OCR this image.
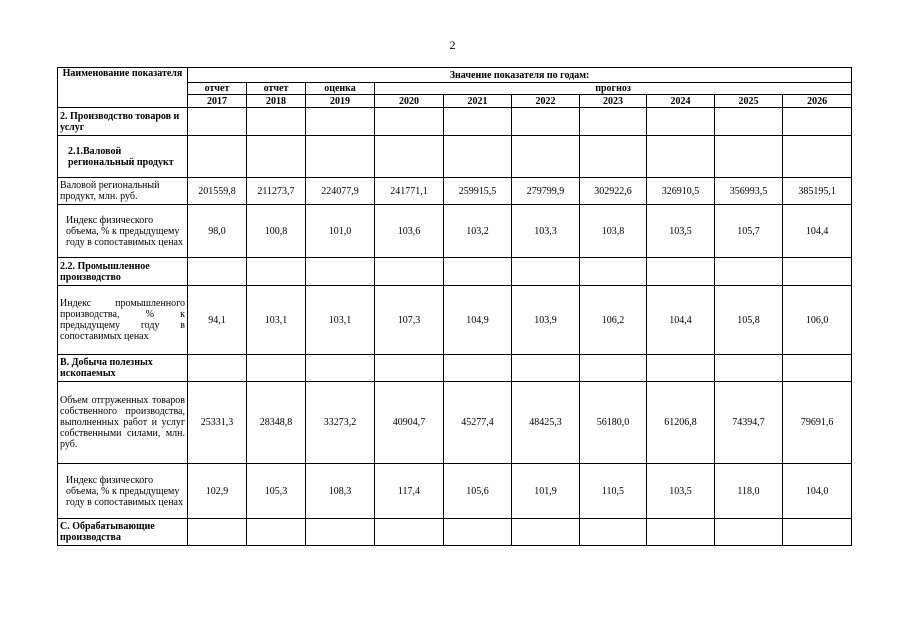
2
Наименование показателя	Значение показателя по годам:									
	отчет	отчет	оценка	прогноз						
	2017	2018	2019	2020	2021	2022	2023	2024	2025	2026
2. Производство товаров и услуг										
2.1.Валовой региональный продукт										
Валовой региональный продукт, млн. руб.	201559,8	211273,7	224077,9	241771,1	259915,5	279799,9	302922,6	326910,5	356993,5	385195,1
Индекс физического объема, % к предыдущему году в сопоставимых ценах	98,0	100,8	101,0	103,6	103,2	103,3	103,8	103,5	105,7	104,4
2.2. Промышленное производство										
Индекс промышленного производства, % к предыдущему году в сопоставимых ценах	94,1	103,1	103,1	107,3	104,9	103,9	106,2	104,4	105,8	106,0
B. Добыча полезных ископаемых										
Объем отгруженных товаров собственного производства, выполненных работ и услуг собственными силами, млн. руб.	25331,3	28348,8	33273,2	40904,7	45277,4	48425,3	56180,0	61206,8	74394,7	79691,6
Индекс физического объема, % к предыдущему году в сопоставимых ценах	102,9	105,3	108,3	117,4	105,6	101,9	110,5	103,5	118,0	104,0
C. Обрабатывающие производства										
